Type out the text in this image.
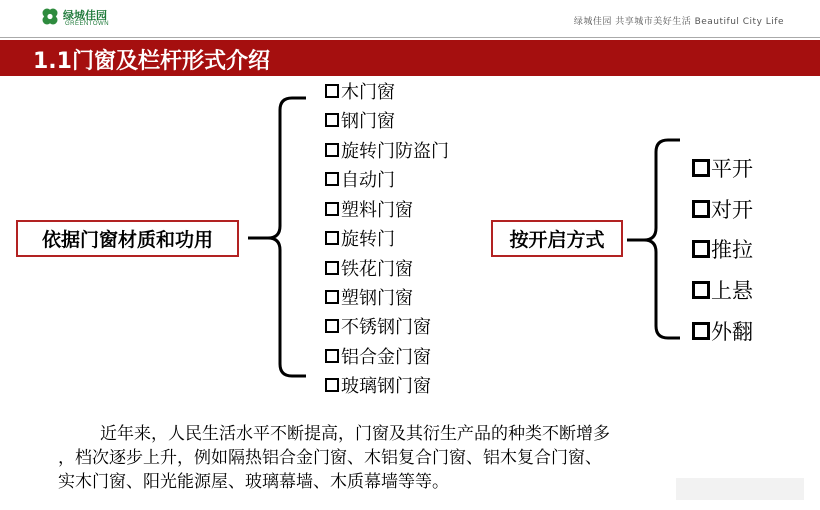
绿城佳园
GREENTOWN	绿城佳园 共享城市美好生活 Beautiful City Life
1.1门窗及栏杆形式介绍
依据门窗材质和功用	按开启方式
木门窗
钢门窗
旋转门防盗门
自动门
塑料门窗
旋转门
铁花门窗
塑钢门窗
不锈钢门窗
铝合金门窗
玻璃钢门窗
平开
对开
推拉
上悬
外翻

近年来，人民生活水平不断提高，门窗及其衍生产品的种类不断增多

，档次逐步上升，例如隔热铝合金门窗、木铝复合门窗、铝木复合门窗、

实木门窗、阳光能源屋、玻璃幕墙、木质幕墙等等。
